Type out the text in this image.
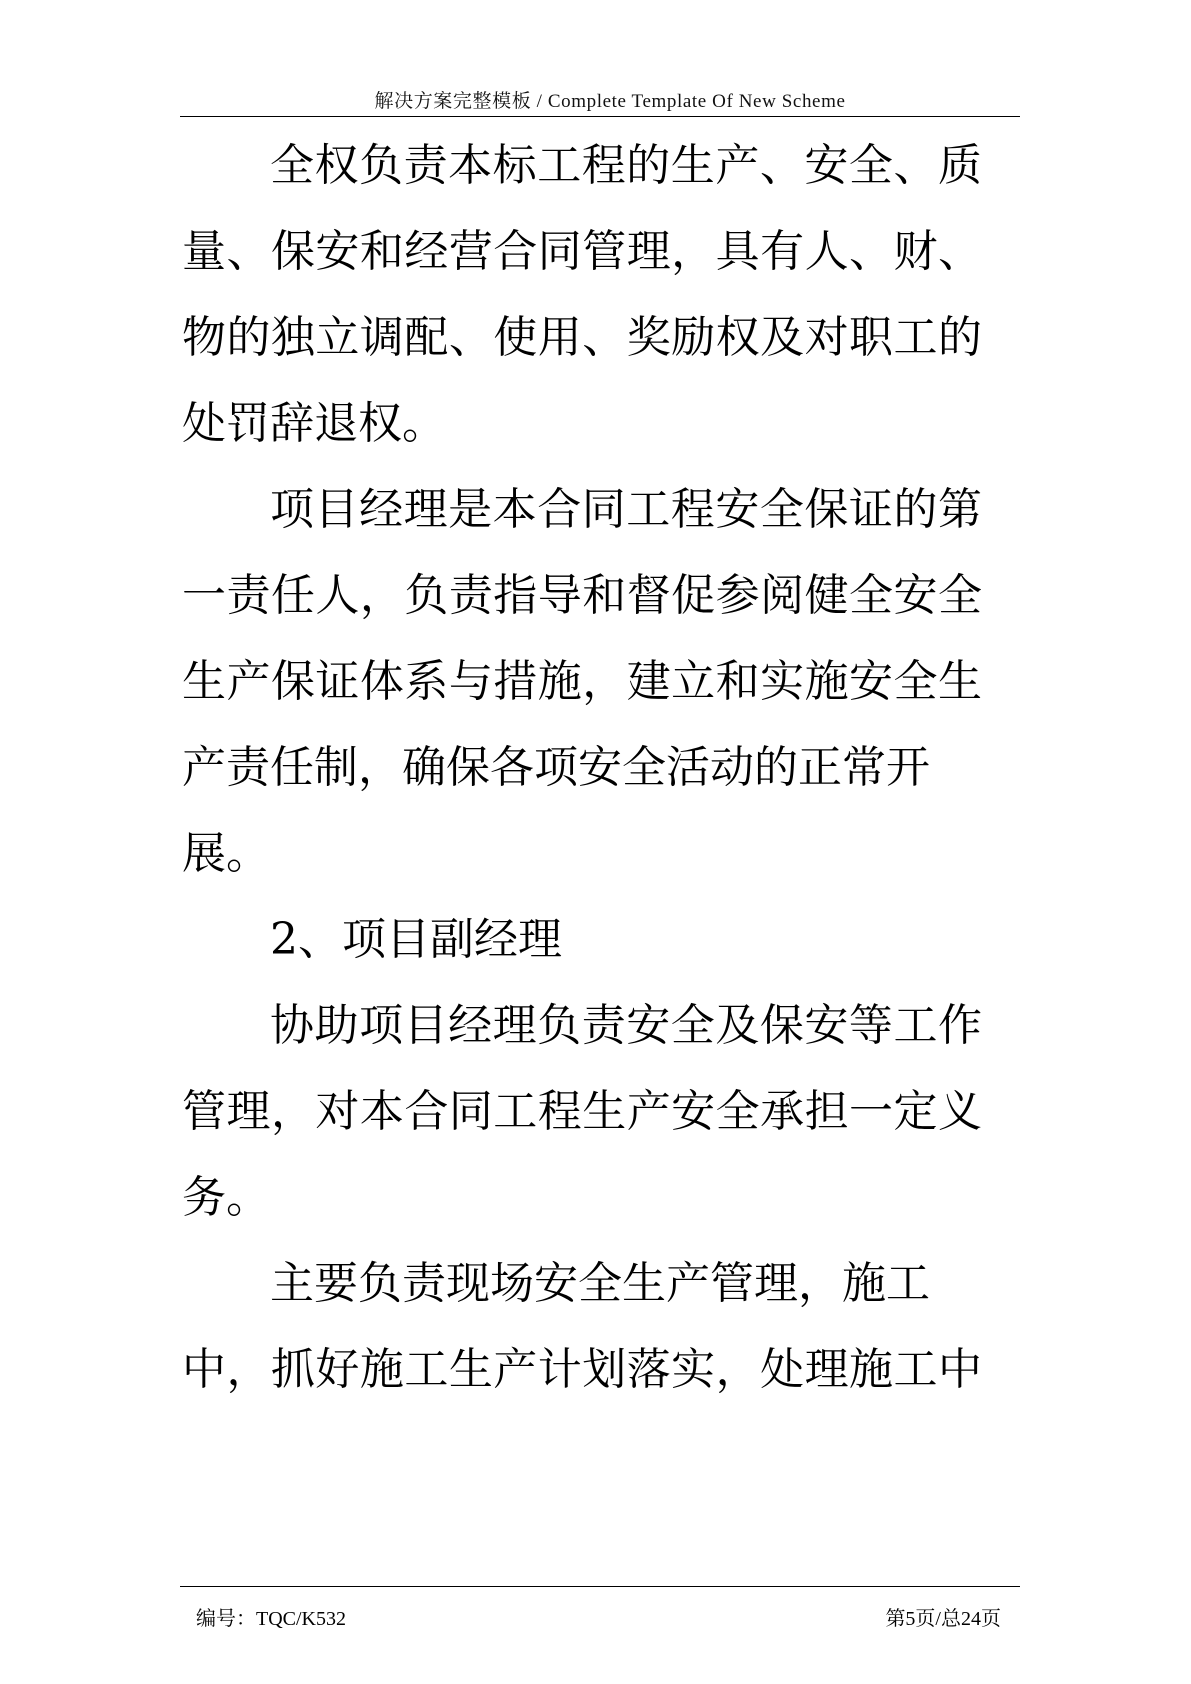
解决方案完整模板 / Complete Template Of New Scheme
全权负责本标工程的生产、安全、质
量、保安和经营合同管理，具有人、财、
物的独立调配、使用、奖励权及对职工的
处罚辞退权。
项目经理是本合同工程安全保证的第
一责任人，负责指导和督促参阅健全安全
生产保证体系与措施，建立和实施安全生
产责任制，确保各项安全活动的正常开
展。
2、项目副经理
协助项目经理负责安全及保安等工作
管理，对本合同工程生产安全承担一定义
务。
主要负责现场安全生产管理，施工
中，抓好施工生产计划落实，处理施工中
编号：TQC/K532	第5页/总24页
